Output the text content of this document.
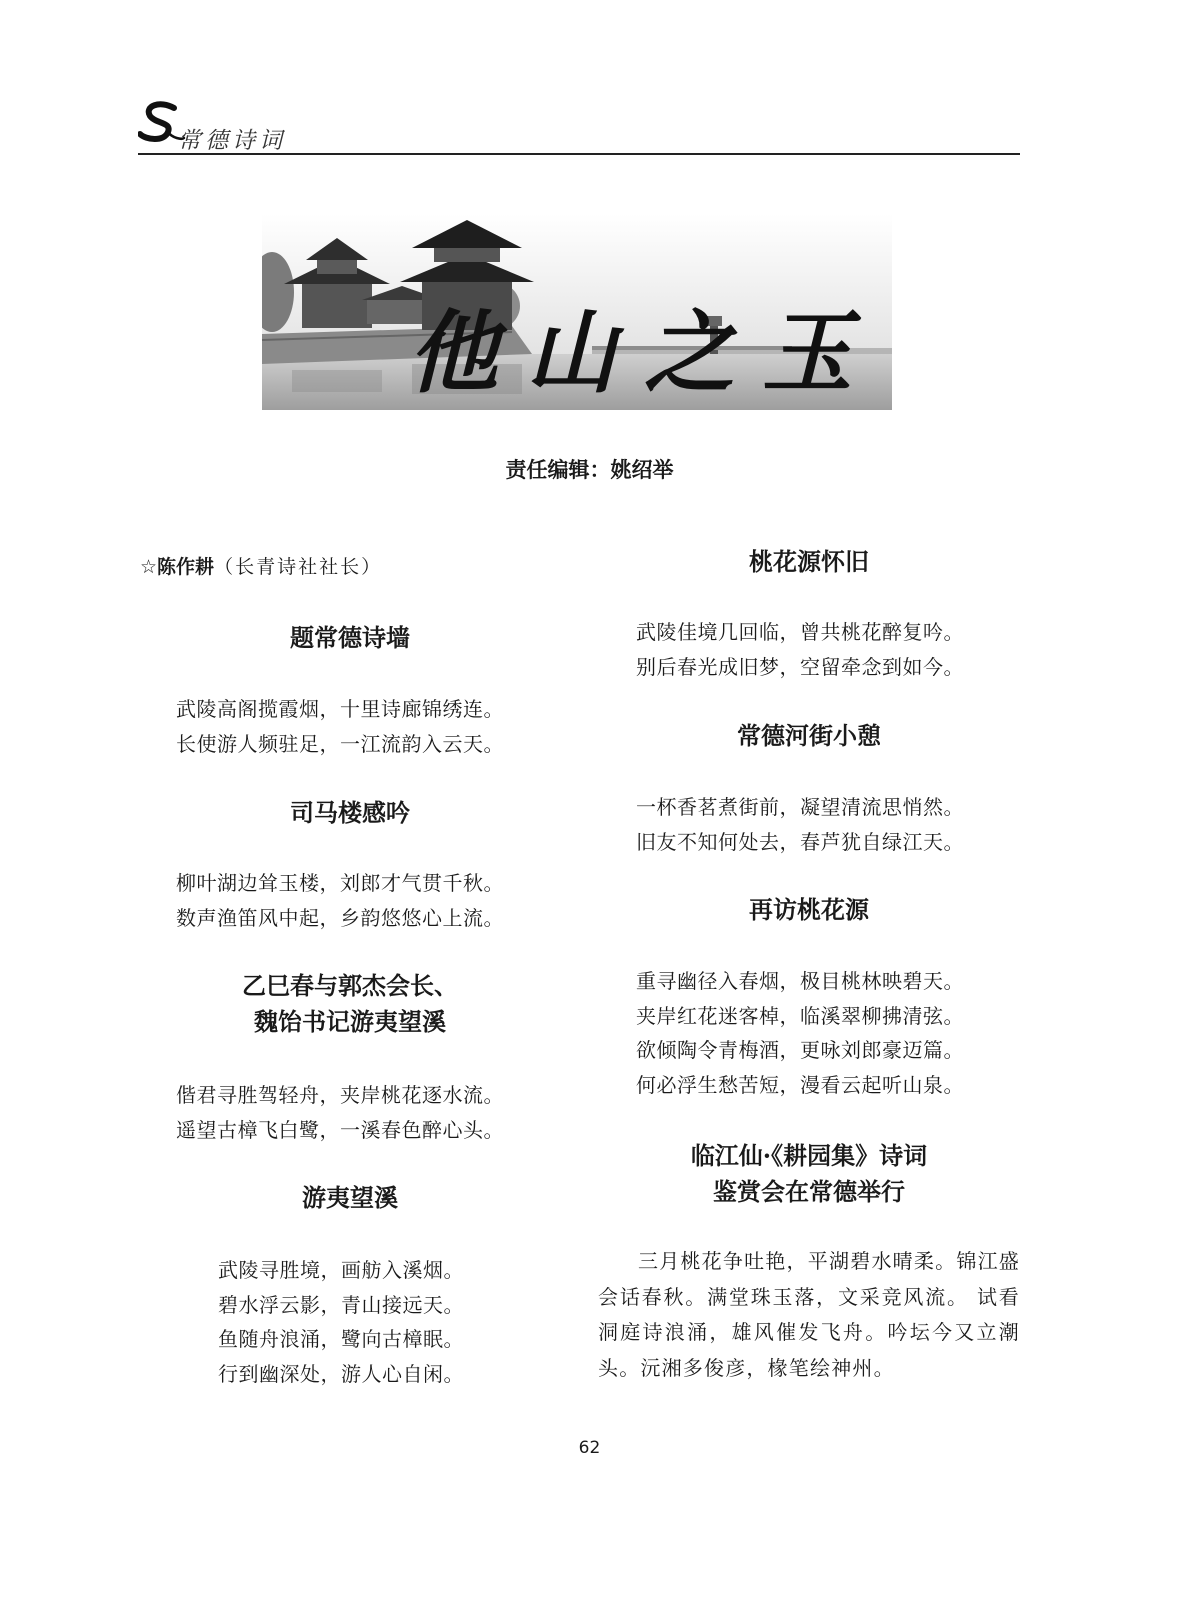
常德诗词
他山之玉
责任编辑：姚绍举
☆陈作耕（长青诗社社长）
题常德诗墙
武陵高阁揽霞烟，十里诗廊锦绣连。
长使游人频驻足，一江流韵入云天。
司马楼感吟
柳叶湖边耸玉楼，刘郎才气贯千秋。
数声渔笛风中起，乡韵悠悠心上流。
乙巳春与郭杰会长、
魏饴书记游夷望溪
偕君寻胜驾轻舟，夹岸桃花逐水流。
遥望古樟飞白鹭，一溪春色醉心头。
游夷望溪
武陵寻胜境，画舫入溪烟。
碧水浮云影，青山接远天。
鱼随舟浪涌，鹭向古樟眠。
行到幽深处，游人心自闲。
桃花源怀旧
武陵佳境几回临，曾共桃花醉复吟。
别后春光成旧梦，空留牵念到如今。
常德河街小憩
一杯香茗煮街前，凝望清流思悄然。
旧友不知何处去，春芦犹自绿江天。
再访桃花源
重寻幽径入春烟，极目桃林映碧天。
夹岸红花迷客棹，临溪翠柳拂清弦。
欲倾陶令青梅酒，更咏刘郎豪迈篇。
何必浮生愁苦短，漫看云起听山泉。
临江仙·《耕园集》诗词
鉴赏会在常德举行

三月桃花争吐艳，平湖碧水晴柔。锦江盛会话春秋。满堂珠玉落，文采竞风流。 试看洞庭诗浪涌，雄风催发飞舟。吟坛今又立潮头。沅湘多俊彦，椽笔绘神州。

62
